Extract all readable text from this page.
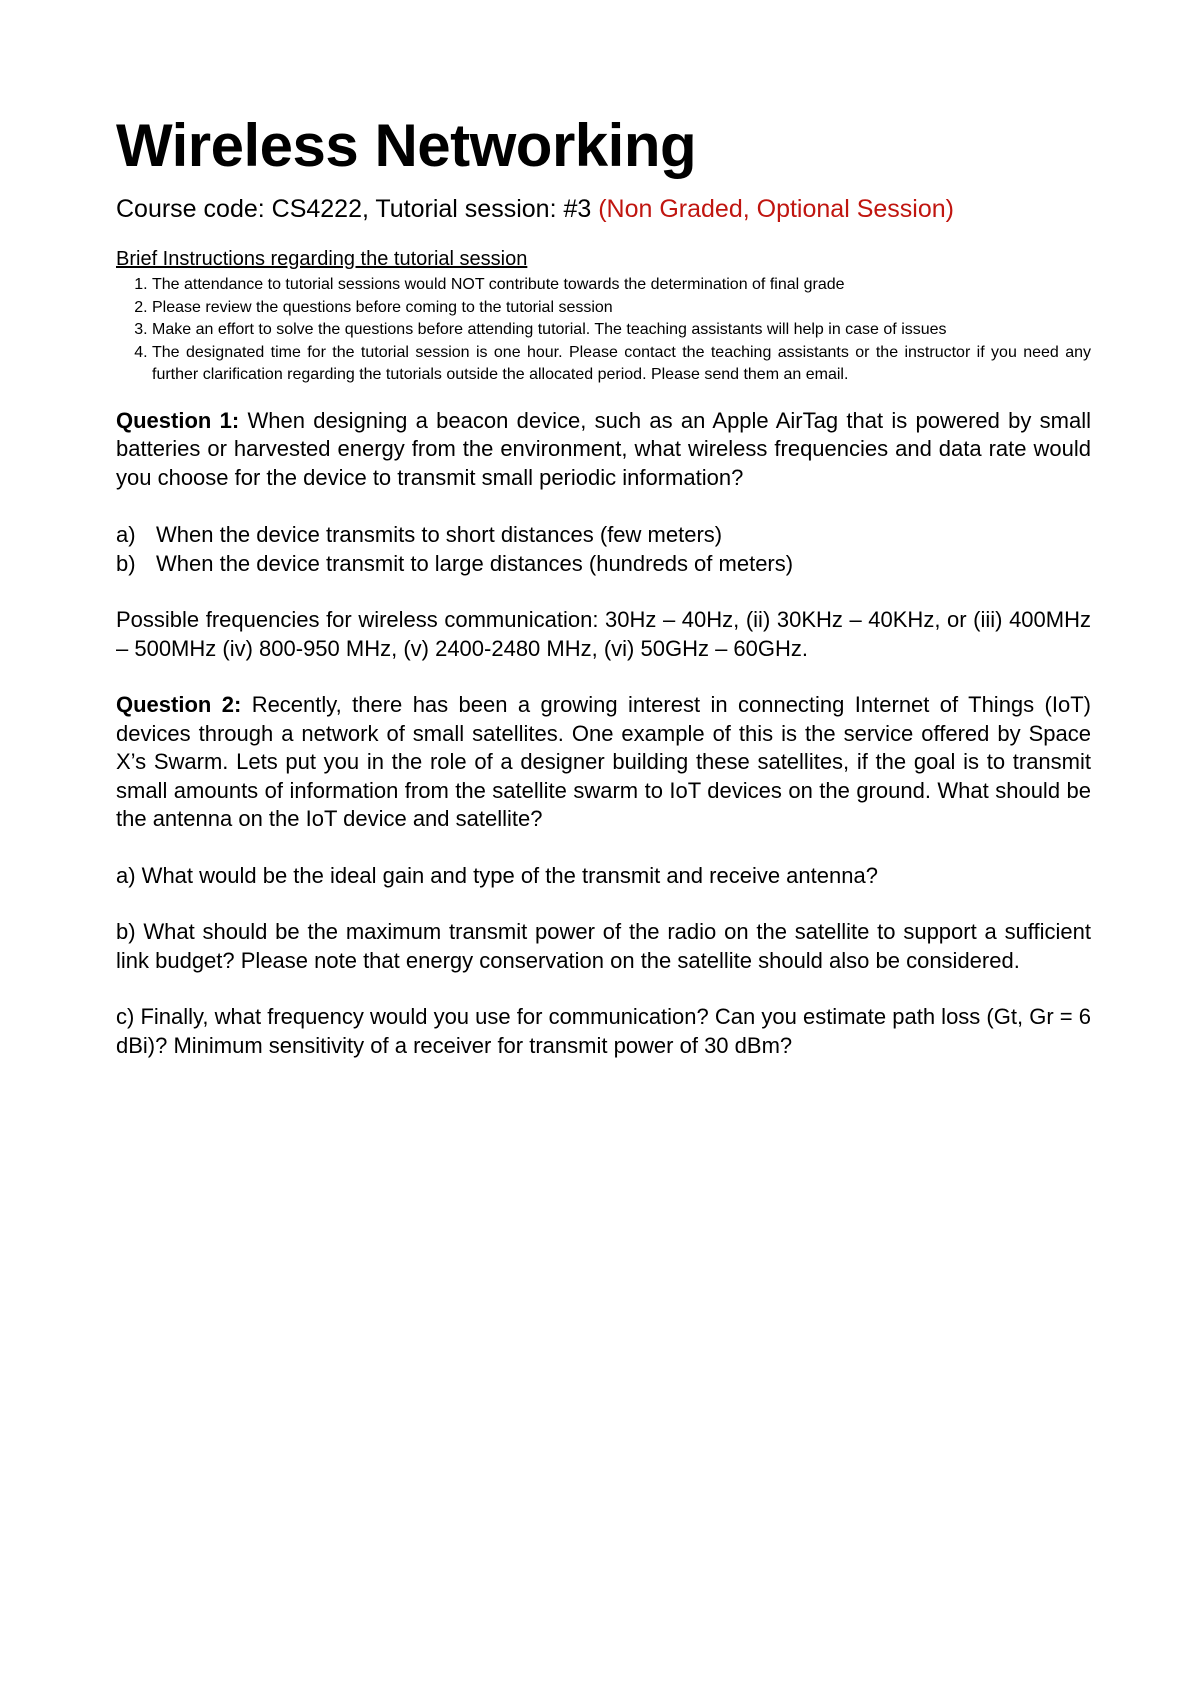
Wireless Networking

Course code: CS4222, Tutorial session: #3 (Non Graded, Optional Session)

Brief Instructions regarding the tutorial session

1. The attendance to tutorial sessions would NOT contribute towards the determination of final grade
2. Please review the questions before coming to the tutorial session
3. Make an effort to solve the questions before attending tutorial. The teaching assistants will help in case of issues
4. The designated time for the tutorial session is one hour. Please contact the teaching assistants or the instructor if you need any further clarification regarding the tutorials outside the allocated period. Please send them an email.

Question 1: When designing a beacon device, such as an Apple AirTag that is powered by small batteries or harvested energy from the environment, what wireless frequencies and data rate would you choose for the device to transmit small periodic information?

a) When the device transmits to short distances (few meters)
b) When the device transmit to large distances (hundreds of meters)

Possible frequencies for wireless communication: 30Hz – 40Hz, (ii) 30KHz – 40KHz, or (iii) 400MHz – 500MHz (iv) 800-950 MHz, (v) 2400-2480 MHz, (vi) 50GHz – 60GHz.

Question 2: Recently, there has been a growing interest in connecting Internet of Things (IoT) devices through a network of small satellites. One example of this is the service offered by Space X’s Swarm. Lets put you in the role of a designer building these satellites, if the goal is to transmit small amounts of information from the satellite swarm to IoT devices on the ground. What should be the antenna on the IoT device and satellite?

a) What would be the ideal gain and type of the transmit and receive antenna?

b) What should be the maximum transmit power of the radio on the satellite to support a sufficient link budget? Please note that energy conservation on the satellite should also be considered.

c) Finally, what frequency would you use for communication? Can you estimate path loss (Gt, Gr = 6 dBi)? Minimum sensitivity of a receiver for transmit power of 30 dBm?
